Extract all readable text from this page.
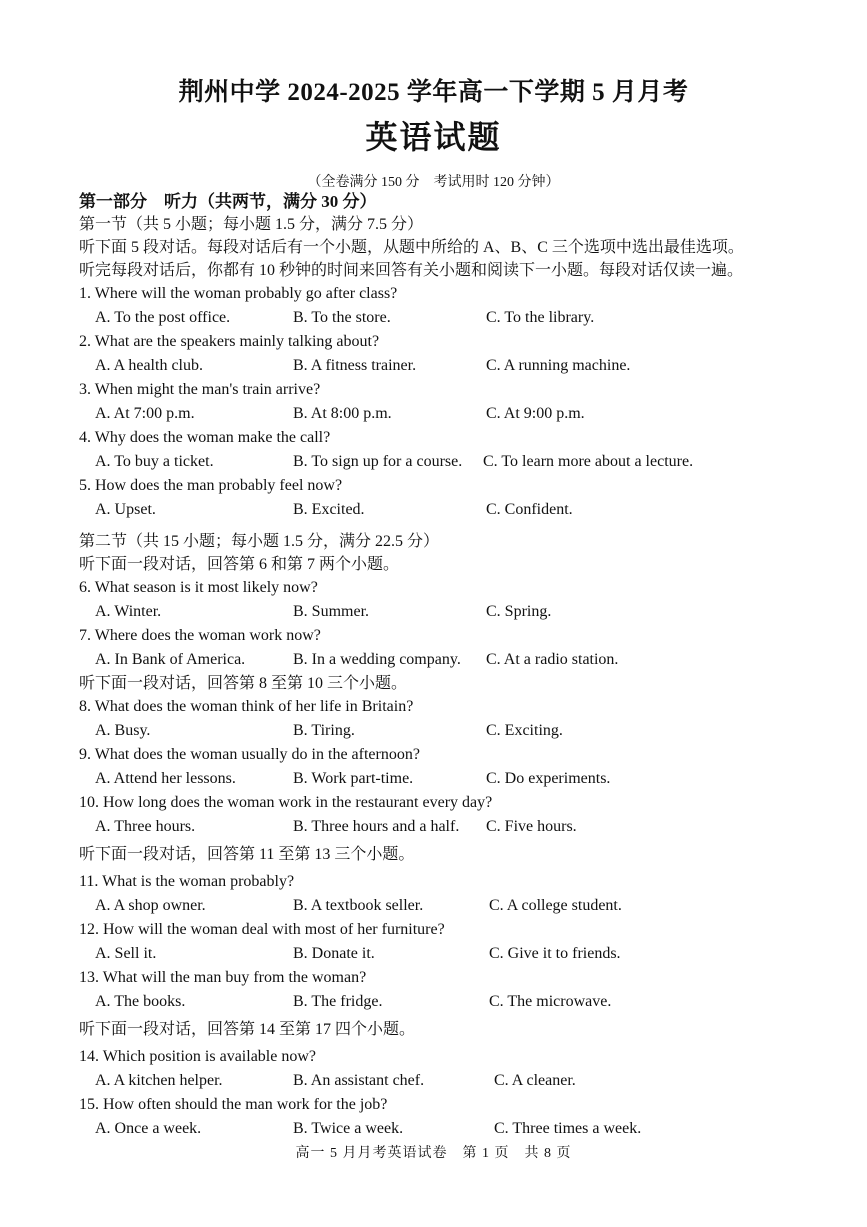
荆州中学 2024-2025 学年高一下学期 5 月月考
英语试题
（全卷满分 150 分　考试用时 120 分钟）
第一部分　听力（共两节，满分 30 分）
第一节（共 5 小题；每小题 1.5 分，满分 7.5 分）
听下面 5 段对话。每段对话后有一个小题，从题中所给的 A、B、C 三个选项中选出最佳选项。
听完每段对话后，你都有 10 秒钟的时间来回答有关小题和阅读下一小题。每段对话仅读一遍。
1. Where will the woman probably go after class?
A. To the post office.	B. To the store.	C. To the library.
2. What are the speakers mainly talking about?
A. A health club.	B. A fitness trainer.	C. A running machine.
3. When might the man's train arrive?
A. At 7:00 p.m.	B. At 8:00 p.m.	C. At 9:00 p.m.
4. Why does the woman make the call?
A. To buy a ticket.	B. To sign up for a course. C. To learn more about a lecture.
5. How does the man probably feel now?
A. Upset.	B. Excited.	C. Confident.
第二节（共 15 小题；每小题 1.5 分，满分 22.5 分）
听下面一段对话，回答第 6 和第 7 两个小题。
6. What season is it most likely now?
A. Winter.	B. Summer.	C. Spring.
7. Where does the woman work now?
A. In Bank of America.	B. In a wedding company. C. At a radio station.
听下面一段对话，回答第 8 至第 10 三个小题。
8. What does the woman think of her life in Britain?
A. Busy.	B. Tiring.	C. Exciting.
9. What does the woman usually do in the afternoon?
A. Attend her lessons.	B. Work part-time.	C. Do experiments.
10. How long does the woman work in the restaurant every day?
A. Three hours.	B. Three hours and a half. C. Five hours.
听下面一段对话，回答第 11 至第 13 三个小题。
11. What is the woman probably?
A. A shop owner.	B. A textbook seller.	C. A college student.
12. How will the woman deal with most of her furniture?
A. Sell it.	B. Donate it.	C. Give it to friends.
13. What will the man buy from the woman?
A. The books.	B. The fridge.	C. The microwave.
听下面一段对话，回答第 14 至第 17 四个小题。
14. Which position is available now?
A. A kitchen helper.	B. An assistant chef.	C. A cleaner.
15. How often should the man work for the job?
A. Once a week.	B. Twice a week.	C. Three times a week.
高一 5 月月考英语试卷　第 1 页　共 8 页
